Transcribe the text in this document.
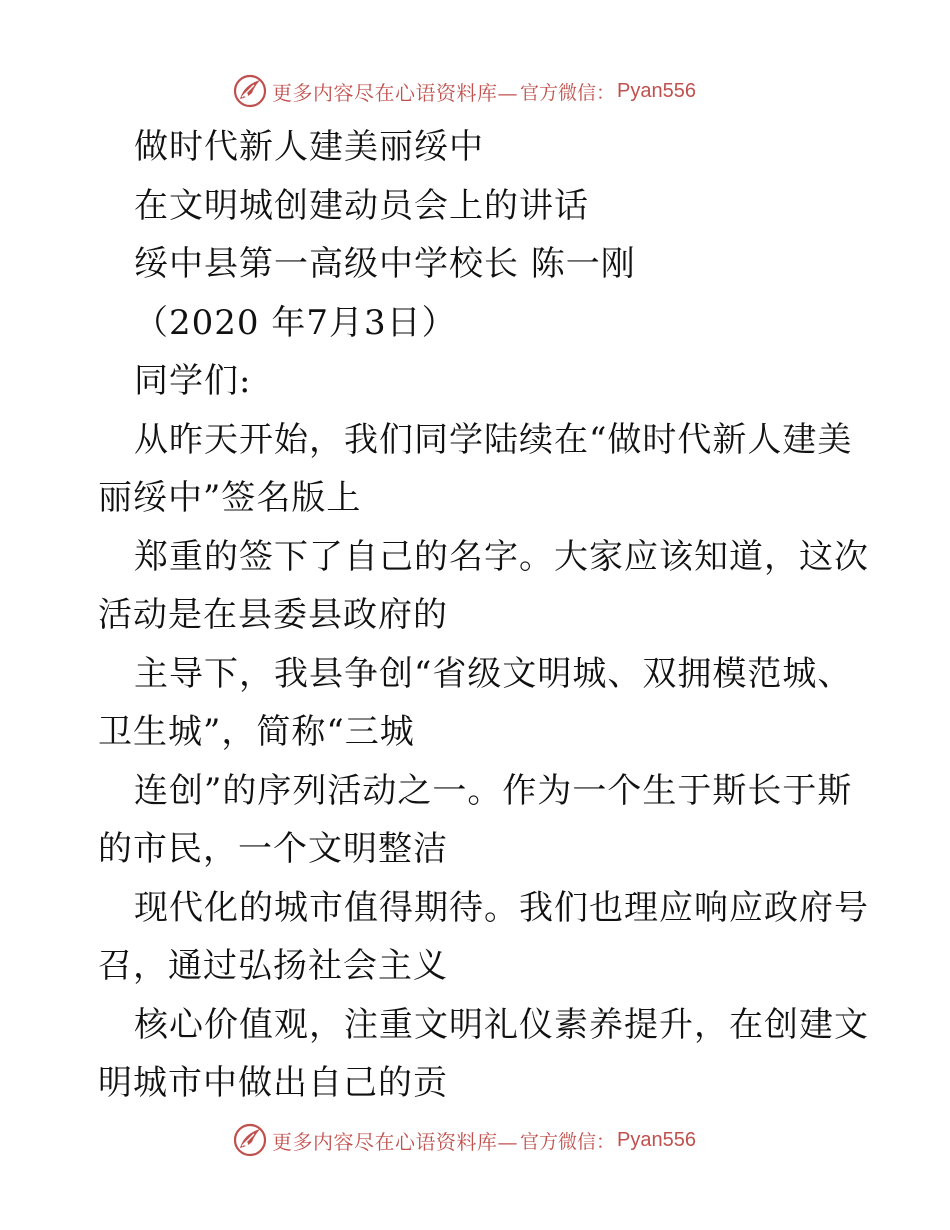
更多内容尽在心语资料库— 官方微信： Pyan556
做时代新人建美丽绥中
在文明城创建动员会上的讲话
绥中县第一高级中学校长 陈一刚
（2020 年7月3日）
同学们:
从昨天开始，我们同学陆续在“做时代新人建美
丽绥中”签名版上
郑重的签下了自己的名字。大家应该知道，这次
活动是在县委县政府的
主导下，我县争创“省级文明城、双拥模范城、
卫生城”，简称“三城
连创”的序列活动之一。作为一个生于斯长于斯
的市民，一个文明整洁
现代化的城市值得期待。我们也理应响应政府号
召，通过弘扬社会主义
核心价值观，注重文明礼仪素养提升，在创建文
明城市中做出自己的贡
更多内容尽在心语资料库— 官方微信： Pyan556
